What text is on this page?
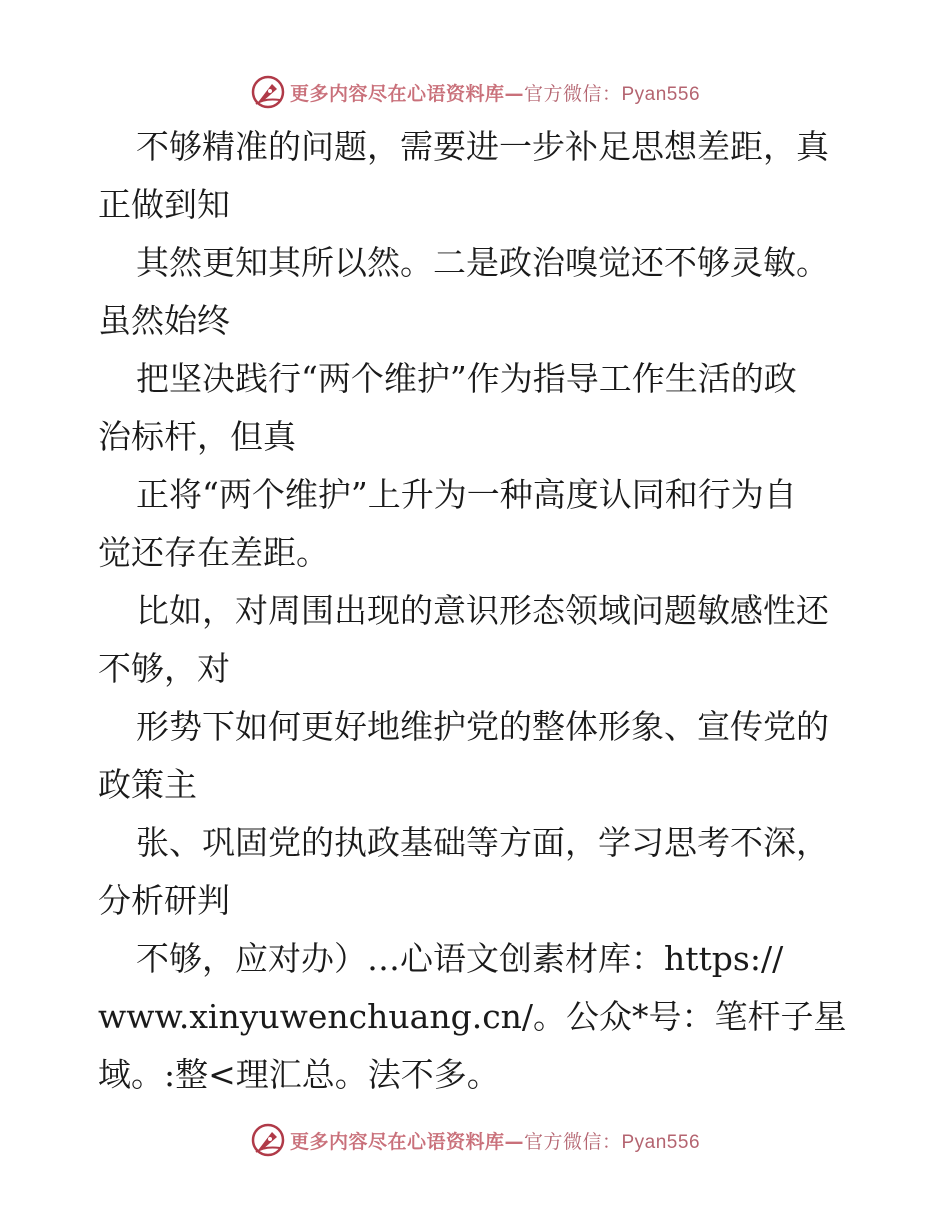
更多内容尽在心语资料库—官方微信：Pyan556
不够精准的问题，需要进一步补足思想差距，真
正做到知
其然更知其所以然。二是政治嗅觉还不够灵敏。
虽然始终
把坚决践行“两个维护”作为指导工作生活的政
治标杆，但真
正将“两个维护”上升为一种高度认同和行为自
觉还存在差距。
比如，对周围出现的意识形态领域问题敏感性还
不够，对
形势下如何更好地维护党的整体形象、宣传党的
政策主
张、巩固党的执政基础等方面，学习思考不深，
分析研判
不够，应对办）…心语文创素材库：https://
www.xinyuwenchuang.cn/。公众*号：笔杆子星
域。:整<理汇总。法不多。
更多内容尽在心语资料库—官方微信：Pyan556
